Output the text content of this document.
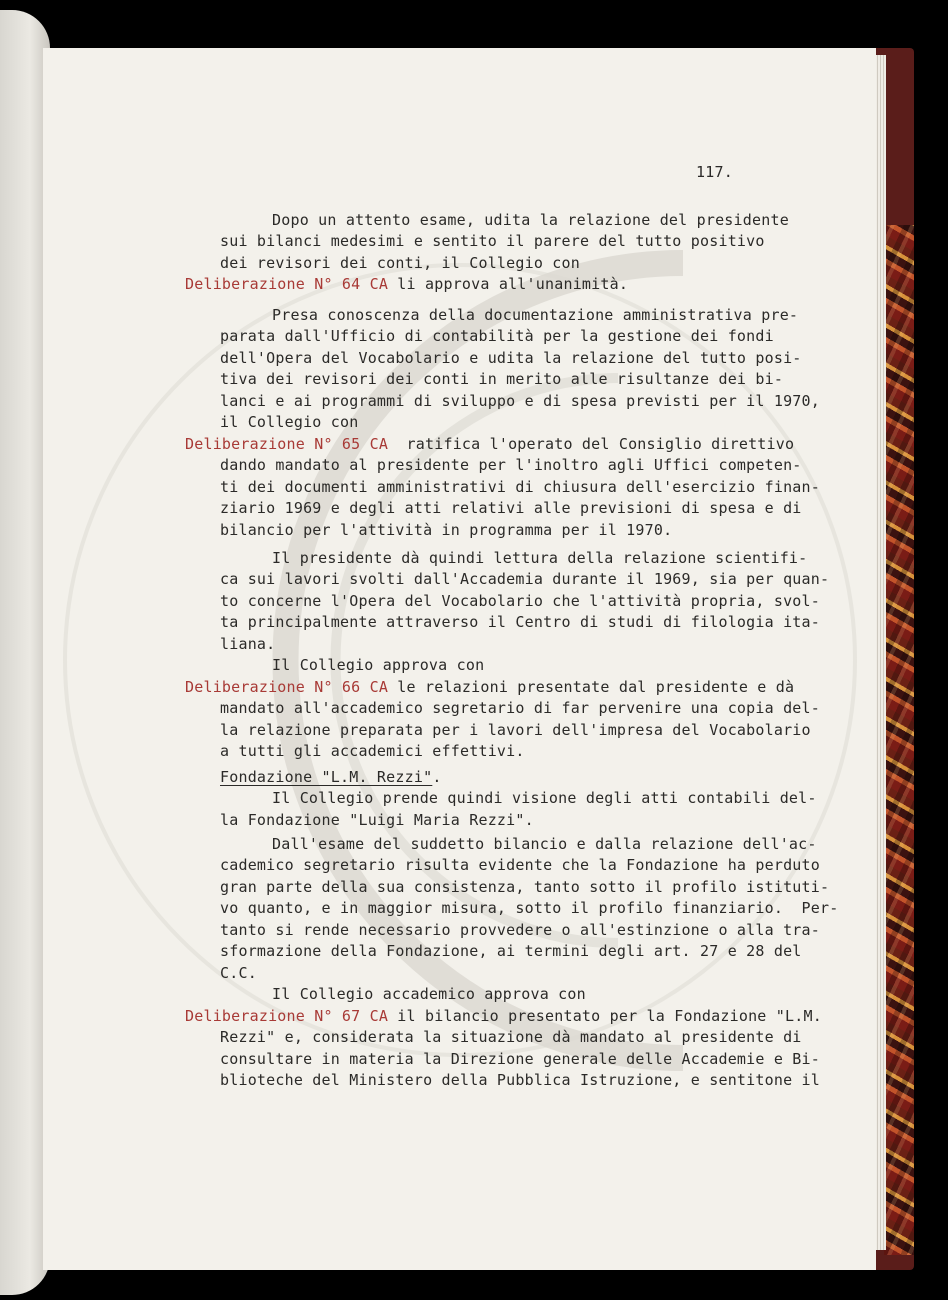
117.
Dopo un attento esame, udita la relazione del presidente
sui bilanci medesimi e sentito il parere del tutto positivo
dei revisori dei conti, il Collegio con
Deliberazione N° 64 CA li approva all'unanimità.
Presa conoscenza della documentazione amministrativa pre-
parata dall'Ufficio di contabilità per la gestione dei fondi
dell'Opera del Vocabolario e udita la relazione del tutto posi-
tiva dei revisori dei conti in merito alle risultanze dei bi-
lanci e ai programmi di sviluppo e di spesa previsti per il 1970,
il Collegio con
Deliberazione N° 65 CA  ratifica l'operato del Consiglio direttivo
dando mandato al presidente per l'inoltro agli Uffici competen-
ti dei documenti amministrativi di chiusura dell'esercizio finan-
ziario 1969 e degli atti relativi alle previsioni di spesa e di
bilancio per l'attività in programma per il 1970.
Il presidente dà quindi lettura della relazione scientifi-
ca sui lavori svolti dall'Accademia durante il 1969, sia per quan-
to concerne l'Opera del Vocabolario che l'attività propria, svol-
ta principalmente attraverso il Centro di studi di filologia ita-
liana.
Il Collegio approva con
Deliberazione N° 66 CA le relazioni presentate dal presidente e dà
mandato all'accademico segretario di far pervenire una copia del-
la relazione preparata per i lavori dell'impresa del Vocabolario
a tutti gli accademici effettivi.
Fondazione "L.M. Rezzi".
Il Collegio prende quindi visione degli atti contabili del-
la Fondazione "Luigi Maria Rezzi".
Dall'esame del suddetto bilancio e dalla relazione dell'ac-
cademico segretario risulta evidente che la Fondazione ha perduto
gran parte della sua consistenza, tanto sotto il profilo istituti-
vo quanto, e in maggior misura, sotto il profilo finanziario.  Per-
tanto si rende necessario provvedere o all'estinzione o alla tra-
sformazione della Fondazione, ai termini degli art. 27 e 28 del
C.C.
Il Collegio accademico approva con
Deliberazione N° 67 CA il bilancio presentato per la Fondazione "L.M.
Rezzi" e, considerata la situazione dà mandato al presidente di
consultare in materia la Direzione generale delle Accademie e Bi-
blioteche del Ministero della Pubblica Istruzione, e sentitone il
